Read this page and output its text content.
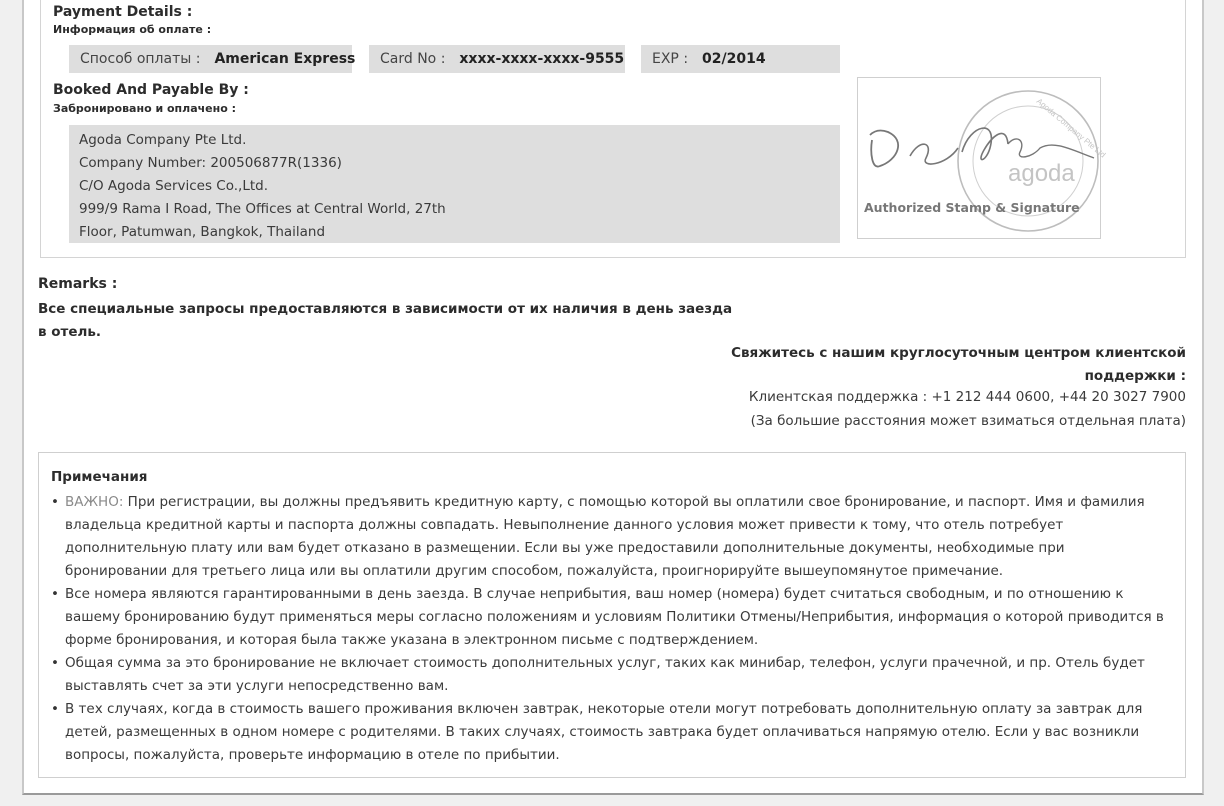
Payment Details :
Информация об оплате :
Способ оплаты : American Express	Card No : xxxx-xxxx-xxxx-9555	EXP : 02/2014
Booked And Payable By :
Забронировано и оплачено :
Agoda Company Pte Ltd.
Company Number: 200506877R(1336)
C/O Agoda Services Co.,Ltd.
999/9 Rama I Road, The Offices at Central World, 27th
Floor, Patumwan, Bangkok, Thailand
agoda
Agoda Company Pte Ltd
Authorized Stamp & Signature
Remarks :
Все специальные запросы предоставляются в зависимости от их наличия в день заезда в отель.
Свяжитесь с нашим круглосуточным центром клиентской поддержки :
Клиентская поддержка : +1 212 444 0600, +44 20 3027 7900
(За большие расстояния может взиматься отдельная плата)
Примечания
• ВАЖНО: При регистрации, вы должны предъявить кредитную карту, с помощью которой вы оплатили свое бронирование, и паспорт. Имя и фамилия владельца кредитной карты и паспорта должны совпадать. Невыполнение данного условия может привести к тому, что отель потребует дополнительную плату или вам будет отказано в размещении. Если вы уже предоставили дополнительные документы, необходимые при бронировании для третьего лица или вы оплатили другим способом, пожалуйста, проигнорируйте вышеупомянутое примечание.
• Все номера являются гарантированными в день заезда. В случае неприбытия, ваш номер (номера) будет считаться свободным, и по отношению к вашему бронированию будут применяться меры согласно положениям и условиям Политики Отмены/Неприбытия, информация о которой приводится в форме бронирования, и которая была также указана в электронном письме с подтверждением.
• Общая сумма за это бронирование не включает стоимость дополнительных услуг, таких как минибар, телефон, услуги прачечной, и пр. Отель будет выставлять счет за эти услуги непосредственно вам.
• В тех случаях, когда в стоимость вашего проживания включен завтрак, некоторые отели могут потребовать дополнительную оплату за завтрак для детей, размещенных в одном номере с родителями. В таких случаях, стоимость завтрака будет оплачиваться напрямую отелю. Если у вас возникли вопросы, пожалуйста, проверьте информацию в отеле по прибытии.
